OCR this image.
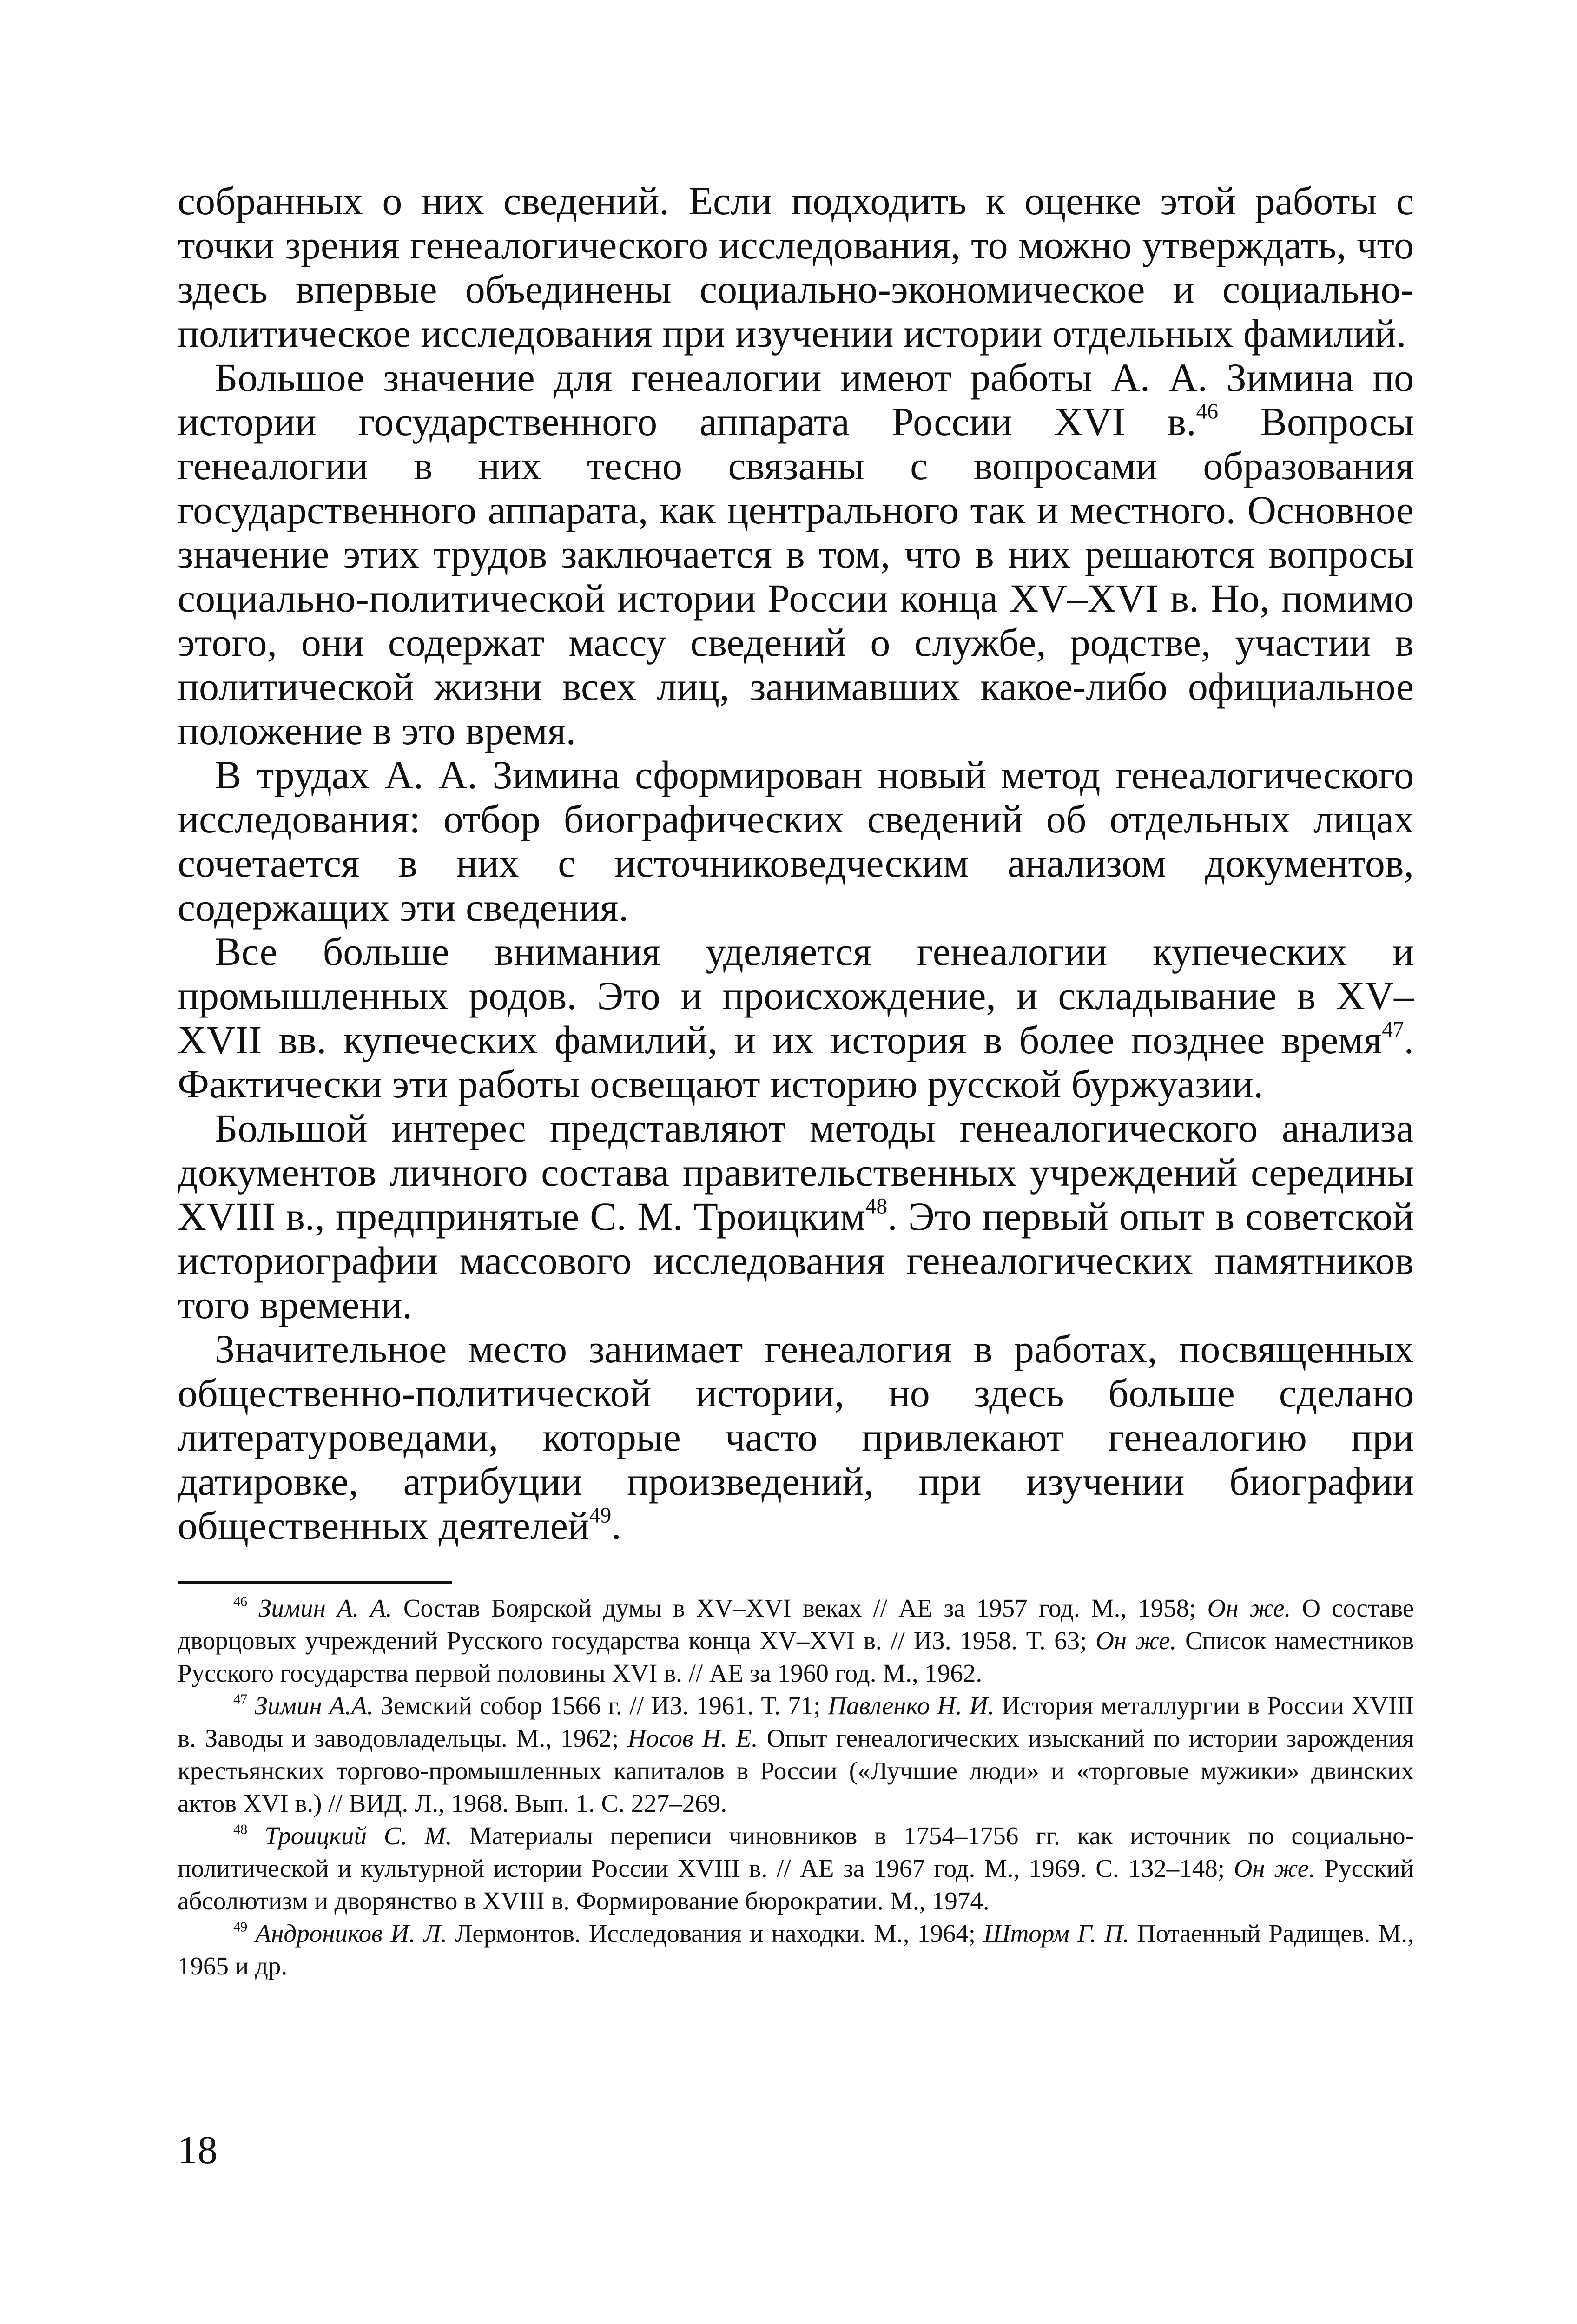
собранных о них сведений. Если подходить к оценке этой работы с точки зрения генеалогического исследования, то можно утверждать, что здесь впервые объединены социально-экономическое и социально-политическое исследования при изучении истории отдельных фамилий.

Большое значение для генеалогии имеют работы А. А. Зимина по истории государственного аппарата России XVI в.$^{46}$ Вопросы генеалогии в них тесно связаны с вопросами образования государственного аппарата, как центрального так и местного. Основное значение этих трудов заключается в том, что в них решаются вопросы социально-политической истории России конца XV–XVI в. Но, помимо этого, они содержат массу сведений о службе, родстве, участии в политической жизни всех лиц, занимавших какое-либо официальное положение в это время.

В трудах А. А. Зимина сформирован новый метод генеалогического исследования: отбор биографических сведений об отдельных лицах сочетается в них с источниковедческим анализом документов, содержащих эти сведения.

Все больше внимания уделяется генеалогии купеческих и промышленных родов. Это и происхождение, и складывание в XV–XVII вв. купеческих фамилий, и их история в более позднее время$^{47}$. Фактически эти работы освещают историю русской буржуазии.

Большой интерес представляют методы генеалогического анализа документов личного состава правительственных учреждений середины XVIII в., предпринятые С. М. Троицким$^{48}$. Это первый опыт в советской историографии массового исследования генеалогических памятников того времени.

Значительное место занимает генеалогия в работах, посвященных общественно-политической истории, но здесь больше сделано литературоведами, которые часто привлекают генеалогию при датировке, атрибуции произведений, при изучении биографии общественных деятелей$^{49}$.

$^{46}$ Зимин А. А. Состав Боярской думы в XV–XVI веках // АЕ за 1957 год. М., 1958; Он же. О составе дворцовых учреждений Русского государства конца XV–XVI в. // ИЗ. 1958. Т. 63; Он же. Список наместников Русского государства первой половины XVI в. // АЕ за 1960 год. М., 1962.

$^{47}$ Зимин А.А. Земский собор 1566 г. // ИЗ. 1961. Т. 71; Павленко Н. И. История металлургии в России XVIII в. Заводы и заводовладельцы. М., 1962; Носов Н. Е. Опыт генеалогических изысканий по истории зарождения крестьянских торгово-промышленных капиталов в России («Лучшие люди» и «торговые мужики» двинских актов XVI в.) // ВИД. Л., 1968. Вып. 1. С. 227–269.

$^{48}$ Троицкий С. М. Материалы переписи чиновников в 1754–1756 гг. как источник по социально-политической и культурной истории России XVIII в. // АЕ за 1967 год. М., 1969. С. 132–148; Он же. Русский абсолютизм и дворянство в XVIII в. Формирование бюрократии. М., 1974.

$^{49}$ Андроников И. Л. Лермонтов. Исследования и находки. М., 1964; Шторм Г. П. Потаенный Радищев. М., 1965 и др.

18
